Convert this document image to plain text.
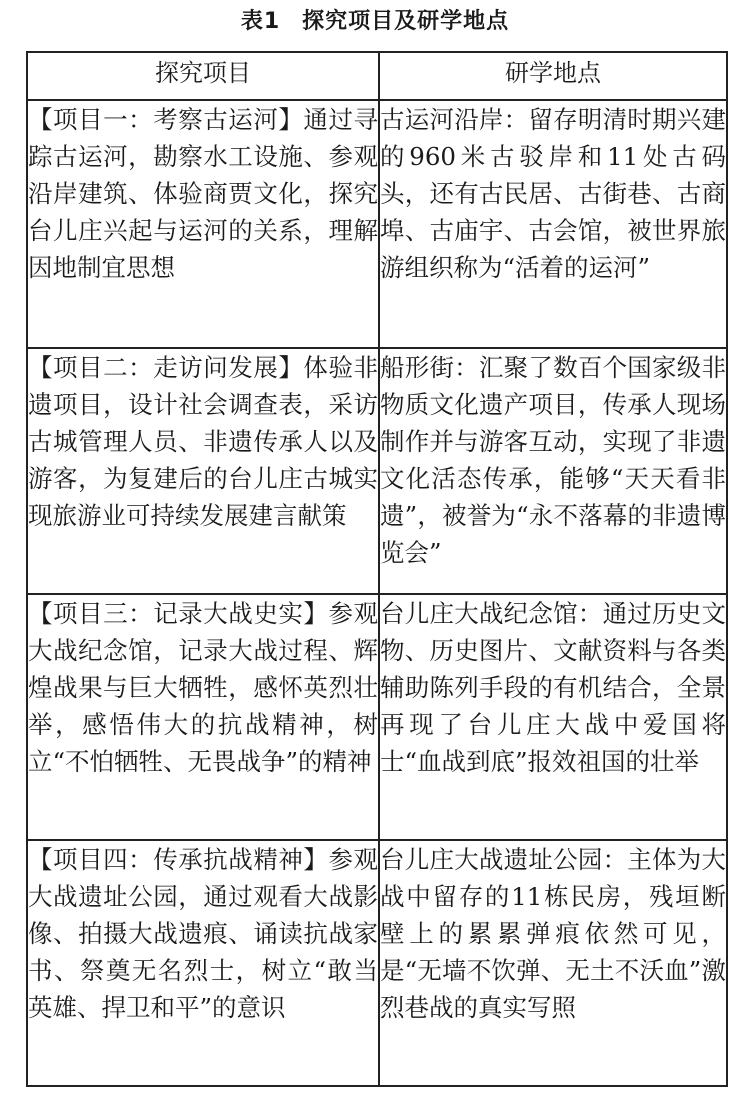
表1 探究项目及研学地点
探究项目	研学地点
【项目一：考察古运河】通过寻踪古运河，勘察水工设施、参观沿岸建筑、体验商贾文化，探究台儿庄兴起与运河的关系，理解因地制宜思想	古运河沿岸：留存明清时期兴建的960米古驳岸和11处古码头，还有古民居、古街巷、古商埠、古庙宇、古会馆，被世界旅游组织称为“活着的运河”
【项目二：走访问发展】体验非遗项目，设计社会调查表，采访古城管理人员、非遗传承人以及游客，为复建后的台儿庄古城实现旅游业可持续发展建言献策	船形街：汇聚了数百个国家级非物质文化遗产项目，传承人现场制作并与游客互动，实现了非遗文化活态传承，能够“天天看非遗”，被誉为“永不落幕的非遗博览会”
【项目三：记录大战史实】参观大战纪念馆，记录大战过程、辉煌战果与巨大牺牲，感怀英烈壮举，感悟伟大的抗战精神，树立“不怕牺牲、无畏战争”的精神	台儿庄大战纪念馆：通过历史文物、历史图片、文献资料与各类辅助陈列手段的有机结合，全景再现了台儿庄大战中爱国将士“血战到底”报效祖国的壮举
【项目四：传承抗战精神】参观大战遗址公园，通过观看大战影像、拍摄大战遗痕、诵读抗战家书、祭奠无名烈士，树立“敢当英雄、捍卫和平”的意识	台儿庄大战遗址公园：主体为大战中留存的11栋民房，残垣断壁上的累累弹痕依然可见，是“无墙不饮弹、无土不沃血”激烈巷战的真实写照
